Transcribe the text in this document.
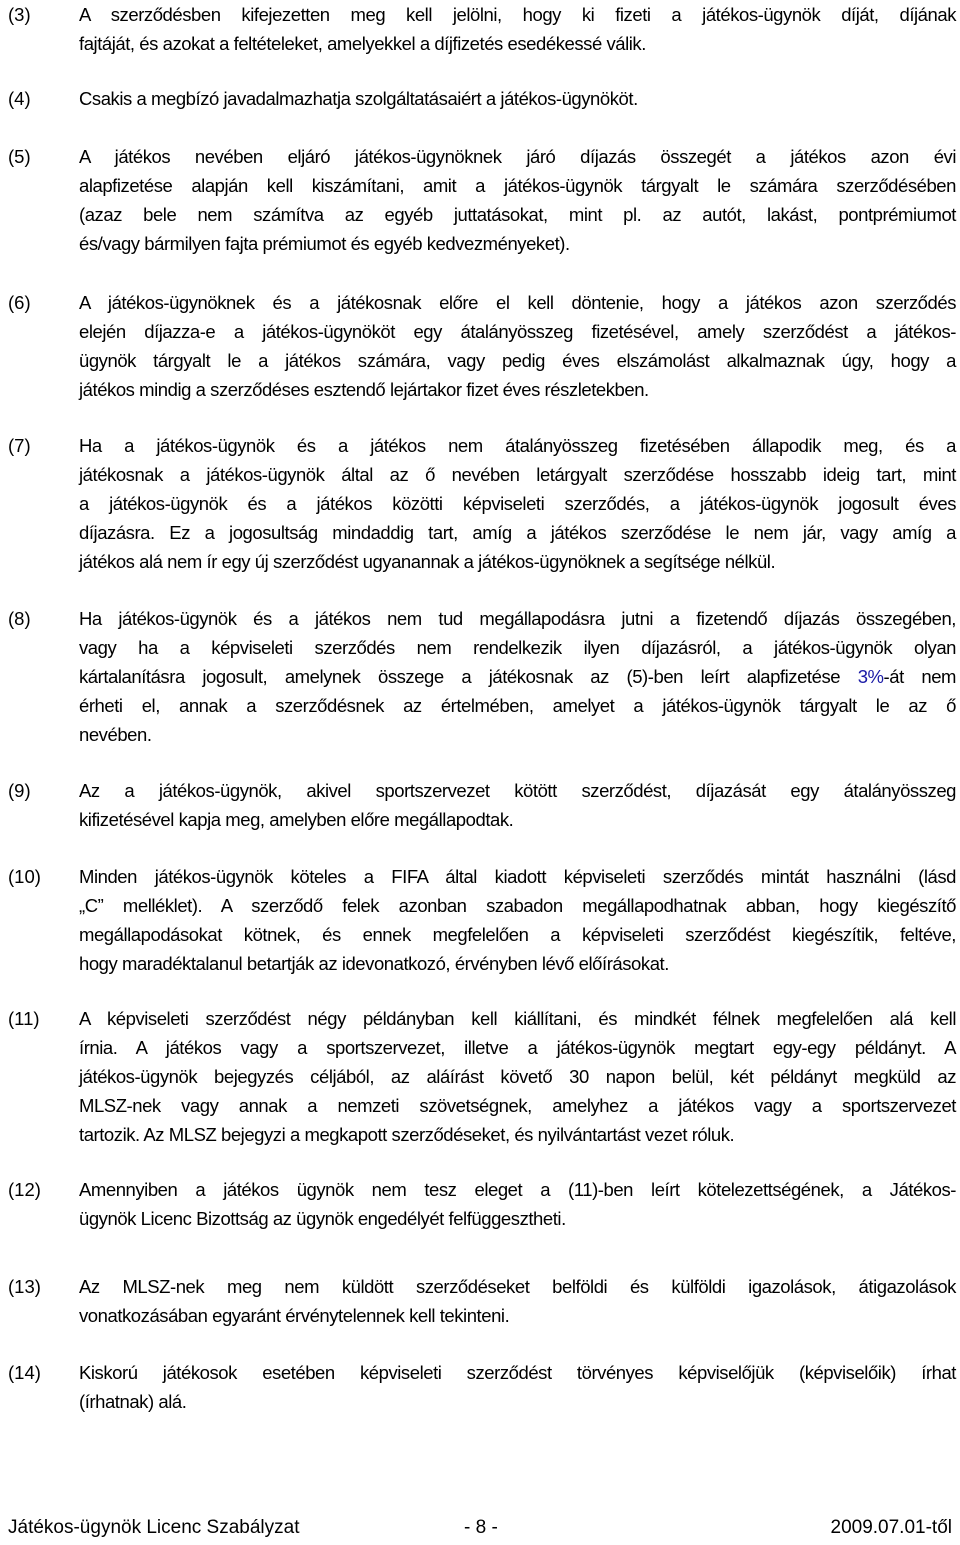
(3)	A szerződésben kifejezetten meg kell jelölni, hogy ki fizeti a játékos-ügynök díját, díjának
fajtáját, és azokat a feltételeket, amelyekkel a díjfizetés esedékessé válik.
(4)	Csakis a megbízó javadalmazhatja szolgáltatásaiért a játékos-ügynököt.
(5)	A játékos nevében eljáró játékos-ügynöknek járó díjazás összegét a játékos azon évi
alapfizetése alapján kell kiszámítani, amit a játékos-ügynök tárgyalt le számára szerződésében
(azaz bele nem számítva az egyéb juttatásokat, mint pl. az autót, lakást, pontprémiumot
és/vagy bármilyen fajta prémiumot és egyéb kedvezményeket).
(6)	A játékos-ügynöknek és a játékosnak előre el kell döntenie, hogy a játékos azon szerződés
elején díjazza-e a játékos-ügynököt egy átalányösszeg fizetésével, amely szerződést a játékos-
ügynök tárgyalt le a játékos számára, vagy pedig éves elszámolást alkalmaznak úgy, hogy a
játékos mindig a szerződéses esztendő lejártakor fizet éves részletekben.
(7)	Ha a játékos-ügynök és a játékos nem átalányösszeg fizetésében állapodik meg, és a
játékosnak a játékos-ügynök által az ő nevében letárgyalt szerződése hosszabb ideig tart, mint
a játékos-ügynök és a játékos közötti képviseleti szerződés, a játékos-ügynök jogosult éves
díjazásra. Ez a jogosultság mindaddig tart, amíg a játékos szerződése le nem jár, vagy amíg a
játékos alá nem ír egy új szerződést ugyanannak a játékos-ügynöknek a segítsége nélkül.
(8)	Ha játékos-ügynök és a játékos nem tud megállapodásra jutni a fizetendő díjazás összegében,
vagy ha a képviseleti szerződés nem rendelkezik ilyen díjazásról, a játékos-ügynök olyan
kártalanításra jogosult, amelynek összege a játékosnak az (5)-ben leírt alapfizetése 3%-át nem
érheti el, annak a szerződésnek az értelmében, amelyet a játékos-ügynök tárgyalt le az ő
nevében.
(9)	Az a játékos-ügynök, akivel sportszervezet kötött szerződést, díjazását egy átalányösszeg
kifizetésével kapja meg, amelyben előre megállapodtak.
(10) Minden játékos-ügynök köteles a FIFA által kiadott képviseleti szerződés mintát használni (lásd
„C” melléklet). A szerződő felek azonban szabadon megállapodhatnak abban, hogy kiegészítő
megállapodásokat kötnek, és ennek megfelelően a képviseleti szerződést kiegészítik, feltéve,
hogy maradéktalanul betartják az idevonatkozó, érvényben lévő előírásokat.
(11) A képviseleti szerződést négy példányban kell kiállítani, és mindkét félnek megfelelően alá kell
írnia. A játékos vagy a sportszervezet, illetve a játékos-ügynök megtart egy-egy példányt. A
játékos-ügynök bejegyzés céljából, az aláírást követő 30 napon belül, két példányt megküld az
MLSZ-nek vagy annak a nemzeti szövetségnek, amelyhez a játékos vagy a sportszervezet
tartozik. Az MLSZ bejegyzi a megkapott szerződéseket, és nyilvántartást vezet róluk.
(12) Amennyiben a játékos ügynök nem tesz eleget a (11)-ben leírt kötelezettségének, a Játékos-
ügynök Licenc Bizottság az ügynök engedélyét felfüggesztheti.
(13) Az MLSZ-nek meg nem küldött szerződéseket belföldi és külföldi igazolások, átigazolások
vonatkozásában egyaránt érvénytelennek kell tekinteni.
(14) Kiskorú játékosok esetében képviseleti szerződést törvényes képviselőjük (képviselőik) írhat
(írhatnak) alá.
Játékos-ügynök Licenc Szabályzat	- 8 -	2009.07.01-től
